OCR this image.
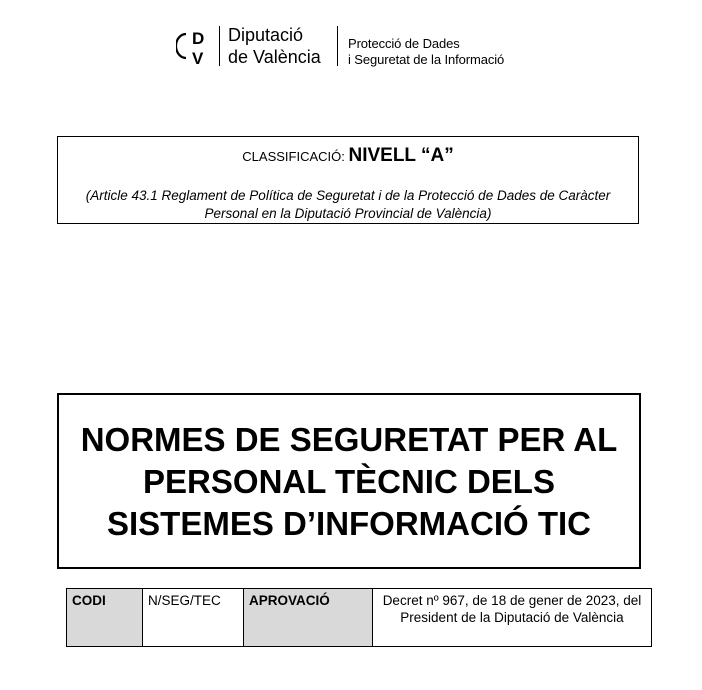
D
V
Diputació
de València
Protecció de Dades
i Seguretat de la Informació
CLASSIFICACIÓ: NIVELL “A”
(Article 43.1 Reglament de Política de Seguretat i de la Protecció de Dades de Caràcter Personal en la Diputació Provincial de València)
NORMES DE SEGURETAT PER AL PERSONAL TÈCNIC DELS SISTEMES D’INFORMACIÓ TIC
CODI	N/SEG/TEC	APROVACIÓ	Decret nº 967, de 18 de gener de 2023, del President de la Diputació de València
